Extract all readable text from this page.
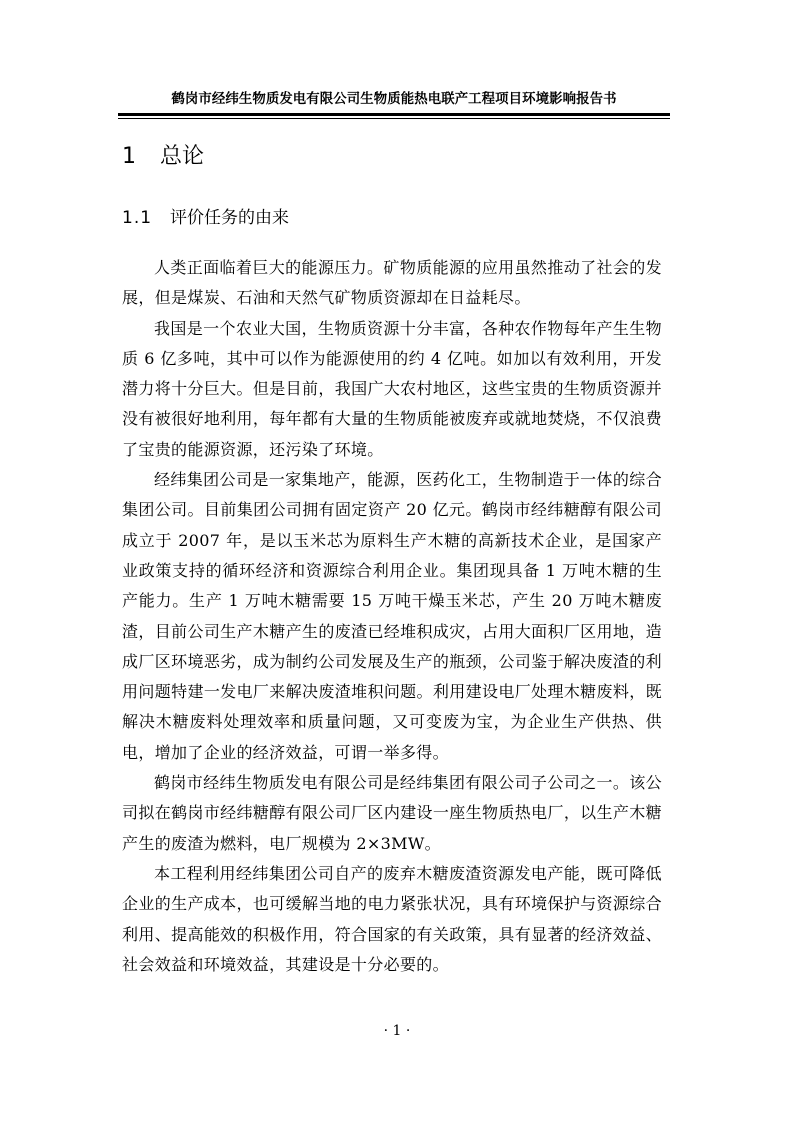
鹤岗市经纬生物质发电有限公司生物质能热电联产工程项目环境影响报告书
1 总论
1.1 评价任务的由来

人类正面临着巨大的能源压力。矿物质能源的应用虽然推动了社会的发展，但是煤炭、石油和天然气矿物质资源却在日益耗尽。

我国是一个农业大国，生物质资源十分丰富，各种农作物每年产生生物质 6 亿多吨，其中可以作为能源使用的约 4 亿吨。如加以有效利用，开发潜力将十分巨大。但是目前，我国广大农村地区，这些宝贵的生物质资源并没有被很好地利用，每年都有大量的生物质能被废弃或就地焚烧，不仅浪费了宝贵的能源资源，还污染了环境。

经纬集团公司是一家集地产，能源，医药化工，生物制造于一体的综合集团公司。目前集团公司拥有固定资产 20 亿元。鹤岗市经纬糖醇有限公司成立于 2007 年，是以玉米芯为原料生产木糖的高新技术企业，是国家产业政策支持的循环经济和资源综合利用企业。集团现具备 1 万吨木糖的生产能力。生产 1 万吨木糖需要 15 万吨干燥玉米芯，产生 20 万吨木糖废渣，目前公司生产木糖产生的废渣已经堆积成灾，占用大面积厂区用地，造成厂区环境恶劣，成为制约公司发展及生产的瓶颈，公司鉴于解决废渣的利用问题特建一发电厂来解决废渣堆积问题。利用建设电厂处理木糖废料，既解决木糖废料处理效率和质量问题，又可变废为宝，为企业生产供热、供电，增加了企业的经济效益，可谓一举多得。

鹤岗市经纬生物质发电有限公司是经纬集团有限公司子公司之一。该公司拟在鹤岗市经纬糖醇有限公司厂区内建设一座生物质热电厂，以生产木糖产生的废渣为燃料，电厂规模为 2×3MW。

本工程利用经纬集团公司自产的废弃木糖废渣资源发电产能，既可降低企业的生产成本，也可缓解当地的电力紧张状况，具有环境保护与资源综合利用、提高能效的积极作用，符合国家的有关政策，具有显著的经济效益、社会效益和环境效益，其建设是十分必要的。

· 1 ·
